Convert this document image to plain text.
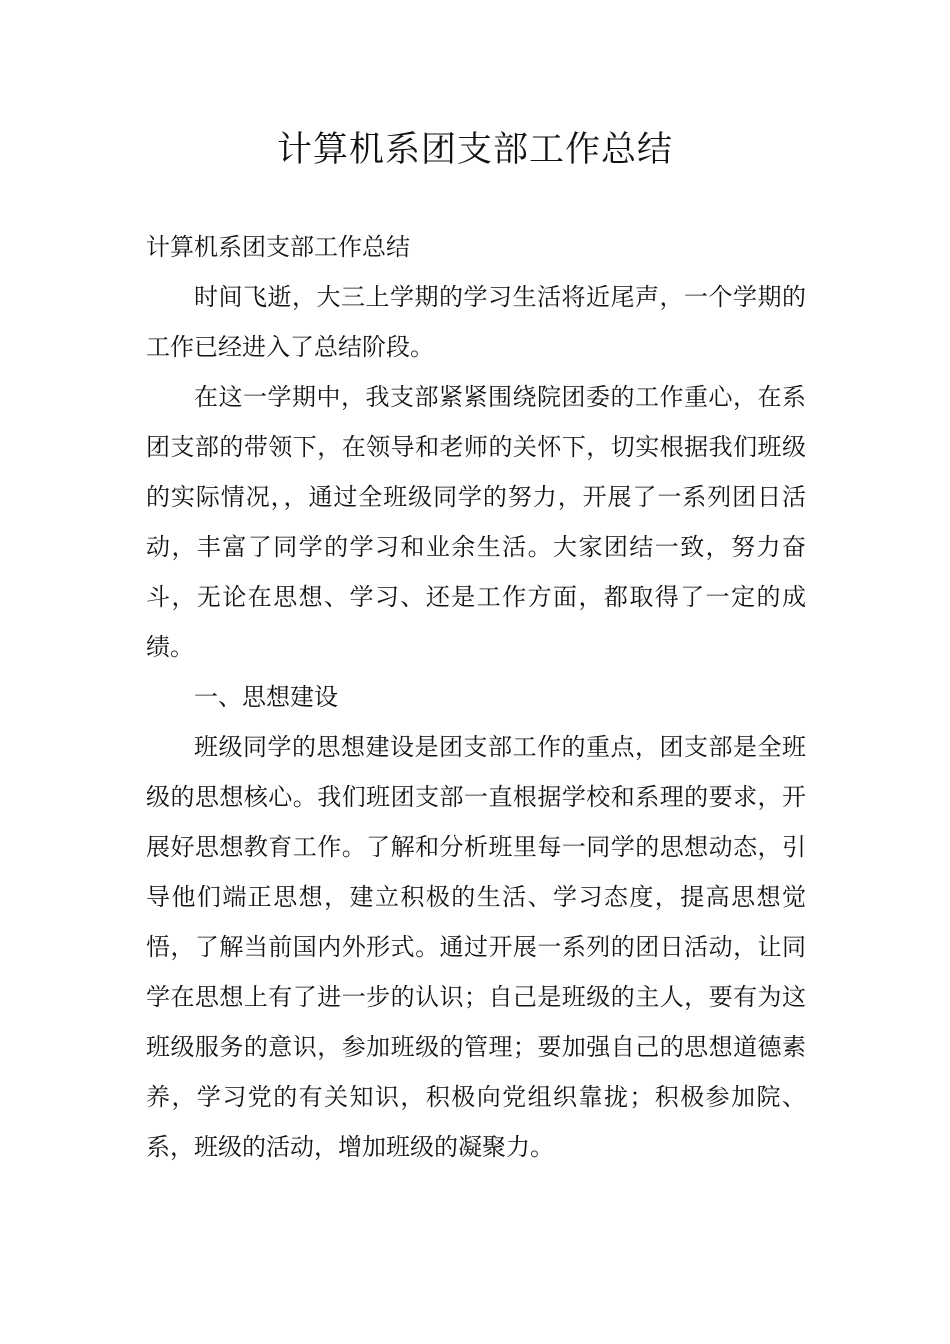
计算机系团支部工作总结

计算机系团支部工作总结

时间飞逝，大三上学期的学习生活将近尾声，一个学期的工作已经进入了总结阶段。

在这一学期中，我支部紧紧围绕院团委的工作重心，在系团支部的带领下，在领导和老师的关怀下，切实根据我们班级的实际情况，，通过全班级同学的努力，开展了一系列团日活动，丰富了同学的学习和业余生活。大家团结一致，努力奋斗，无论在思想、学习、还是工作方面，都取得了一定的成绩。

一、思想建设

班级同学的思想建设是团支部工作的重点，团支部是全班级的思想核心。我们班团支部一直根据学校和系理的要求，开展好思想教育工作。了解和分析班里每一同学的思想动态，引导他们端正思想，建立积极的生活、学习态度，提高思想觉悟，了解当前国内外形式。通过开展一系列的团日活动，让同学在思想上有了进一步的认识；自己是班级的主人，要有为这班级服务的意识，参加班级的管理；要加强自己的思想道德素养，学习党的有关知识，积极向党组织靠拢；积极参加院、系，班级的活动，增加班级的凝聚力。
